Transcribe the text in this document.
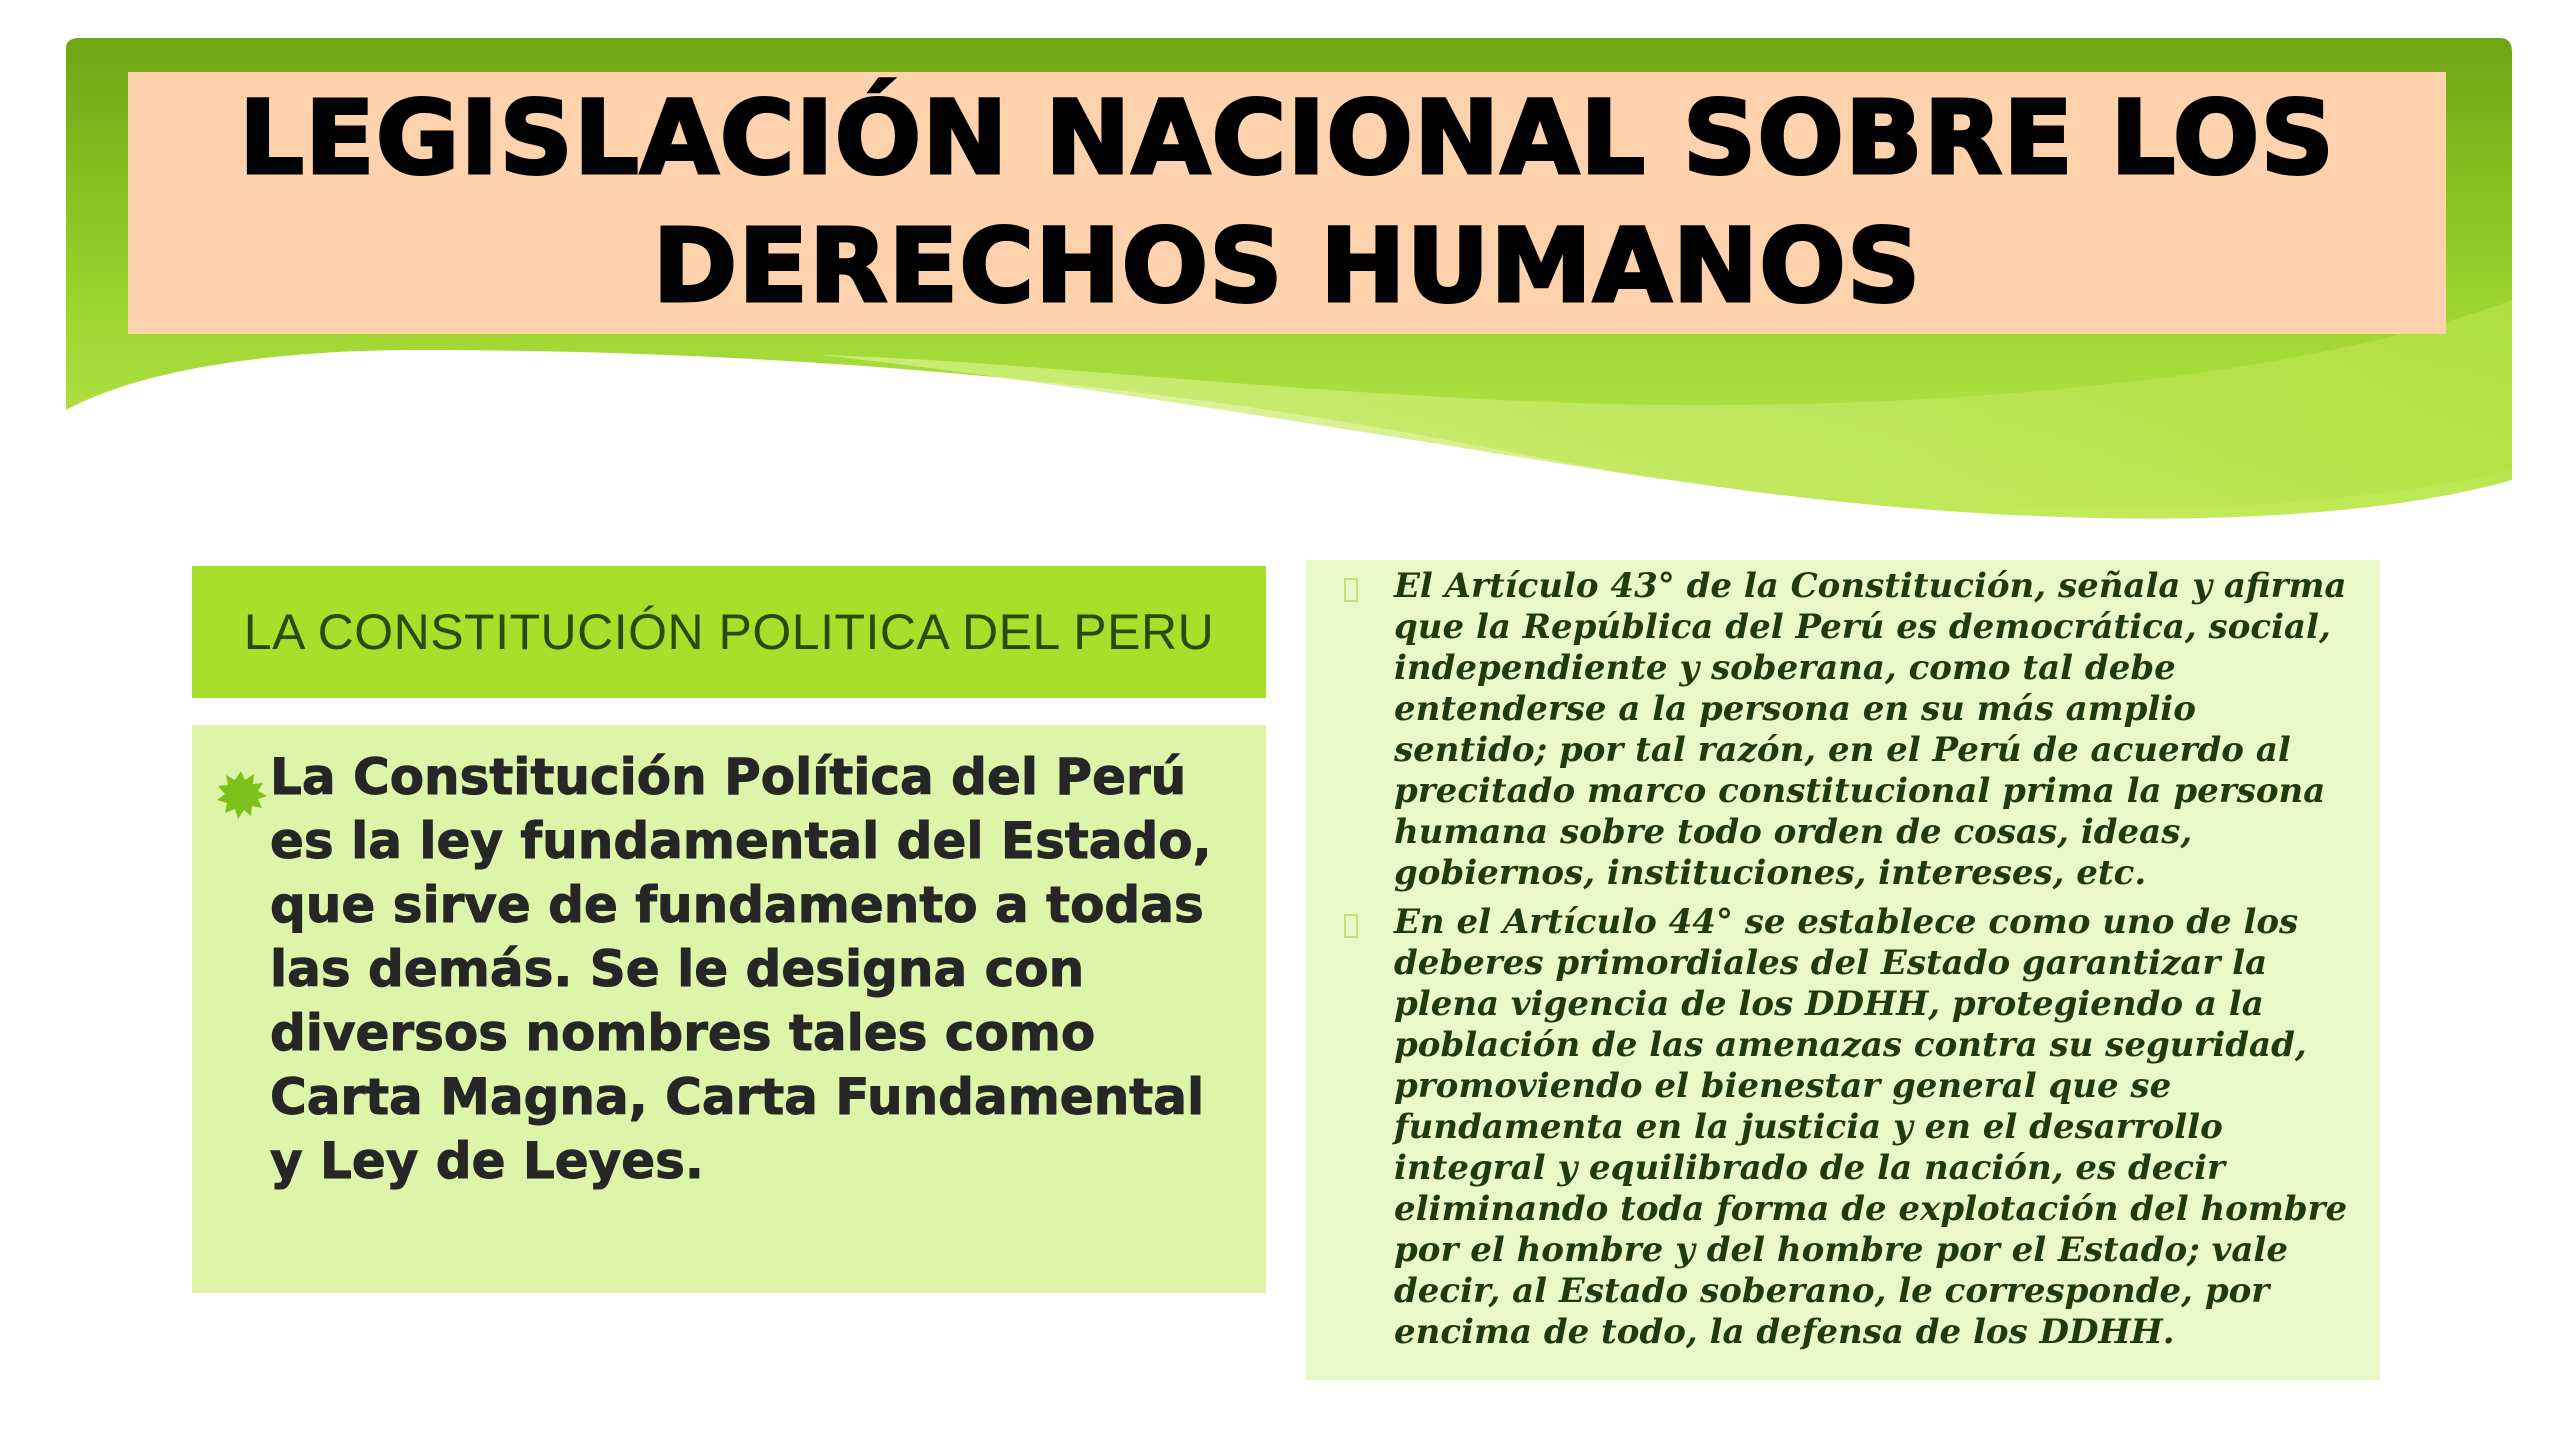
LEGISLACIÓN NACIONAL SOBRE LOS
DERECHOS HUMANOS
LA CONSTITUCIÓN POLITICA DEL PERU

La Constitución Política del Perú es la ley fundamental del Estado, que sirve de fundamento a todas las demás. Se le designa con diversos nombres tales como Carta Magna, Carta Fundamental y Ley de Leyes.

El Artículo 43° de la Constitución, señala y afirma que la República del Perú es democrática, social, independiente y soberana, como tal debe entenderse a la persona en su más amplio sentido; por tal razón, en el Perú de acuerdo al precitado marco constitucional prima la persona humana sobre todo orden de cosas, ideas, gobiernos, instituciones, intereses, etc.

En el Artículo 44° se establece como uno de los deberes primordiales del Estado garantizar la plena vigencia de los DDHH, protegiendo a la población de las amenazas contra su seguridad, promoviendo el bienestar general que se fundamenta en la justicia y en el desarrollo integral y equilibrado de la nación, es decir eliminando toda forma de explotación del hombre por el hombre y del hombre por el Estado; vale decir, al Estado soberano, le corresponde, por encima de todo, la defensa de los DDHH.
